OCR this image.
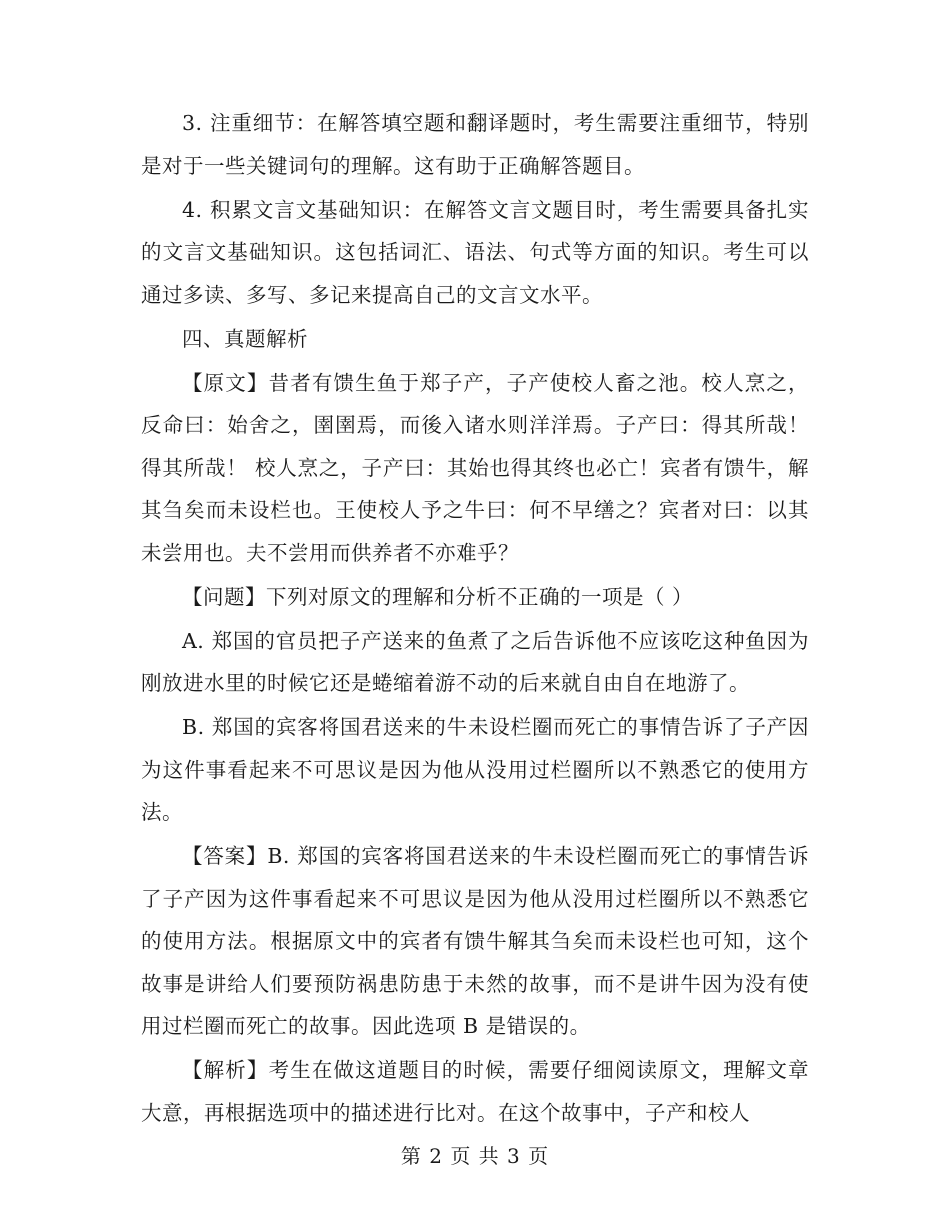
3. 注重细节：在解答填空题和翻译题时，考生需要注重细节，特别是对于一些关键词句的理解。这有助于正确解答题目。

4. 积累文言文基础知识：在解答文言文题目时，考生需要具备扎实的文言文基础知识。这包括词汇、语法、句式等方面的知识。考生可以通过多读、多写、多记来提高自己的文言文水平。

四、真题解析

【原文】昔者有馈生鱼于郑子产，子产使校人畜之池。校人烹之，反命曰：始舍之，圉圉焉，而後入诸水则洋洋焉。子产曰：得其所哉！得其所哉！ 校人烹之，子产曰：其始也得其终也必亡！宾者有馈牛，解其刍矣而未设栏也。王使校人予之牛曰：何不早缮之？宾者对曰：以其未尝用也。夫不尝用而供养者不亦难乎？

【问题】下列对原文的理解和分析不正确的一项是（ ）

A. 郑国的官员把子产送来的鱼煮了之后告诉他不应该吃这种鱼因为刚放进水里的时候它还是蜷缩着游不动的后来就自由自在地游了。

B. 郑国的宾客将国君送来的牛未设栏圈而死亡的事情告诉了子产因为这件事看起来不可思议是因为他从没用过栏圈所以不熟悉它的使用方法。

【答案】B. 郑国的宾客将国君送来的牛未设栏圈而死亡的事情告诉了子产因为这件事看起来不可思议是因为他从没用过栏圈所以不熟悉它的使用方法。根据原文中的宾者有馈牛解其刍矣而未设栏也可知，这个故事是讲给人们要预防祸患防患于未然的故事，而不是讲牛因为没有使用过栏圈而死亡的故事。因此选项 B 是错误的。

【解析】考生在做这道题目的时候，需要仔细阅读原文，理解文章大意，再根据选项中的描述进行比对。在这个故事中，子产和校人

第 2 页 共 3 页
